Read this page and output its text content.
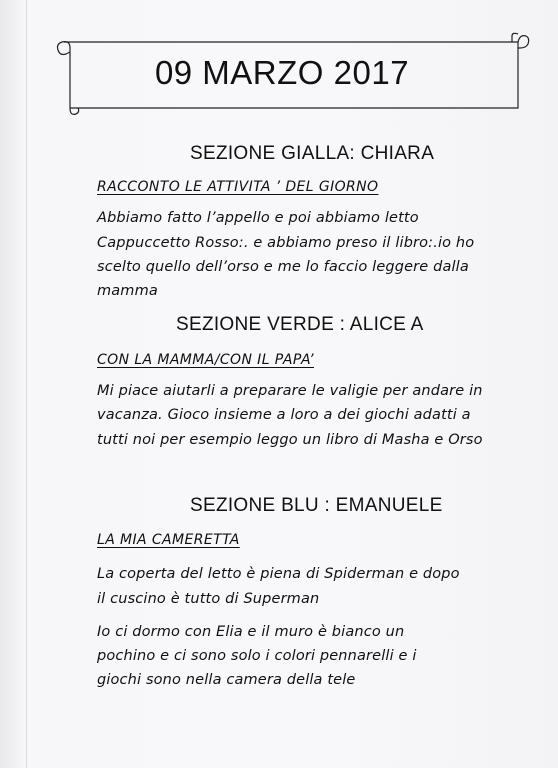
09 MARZO 2017
SEZIONE GIALLA: CHIARA
RACCONTO LE ATTIVITA ’ DEL GIORNO
Abbiamo fatto l’appello e poi abbiamo letto
Cappuccetto Rosso:. e abbiamo preso il libro:.io ho
scelto quello dell’orso e me lo faccio leggere dalla
mamma
SEZIONE VERDE : ALICE A
CON LA MAMMA/CON IL PAPA’
Mi piace aiutarli a preparare le valigie per andare in
vacanza. Gioco insieme a loro a dei giochi adatti a
tutti noi per esempio leggo un libro di Masha e Orso
SEZIONE BLU : EMANUELE
LA MIA CAMERETTA
La coperta del letto è piena di Spiderman e dopo
il cuscino è tutto di Superman
Io ci dormo con Elia e il muro è bianco un
pochino e ci sono solo i colori pennarelli e i
giochi sono nella camera della tele
